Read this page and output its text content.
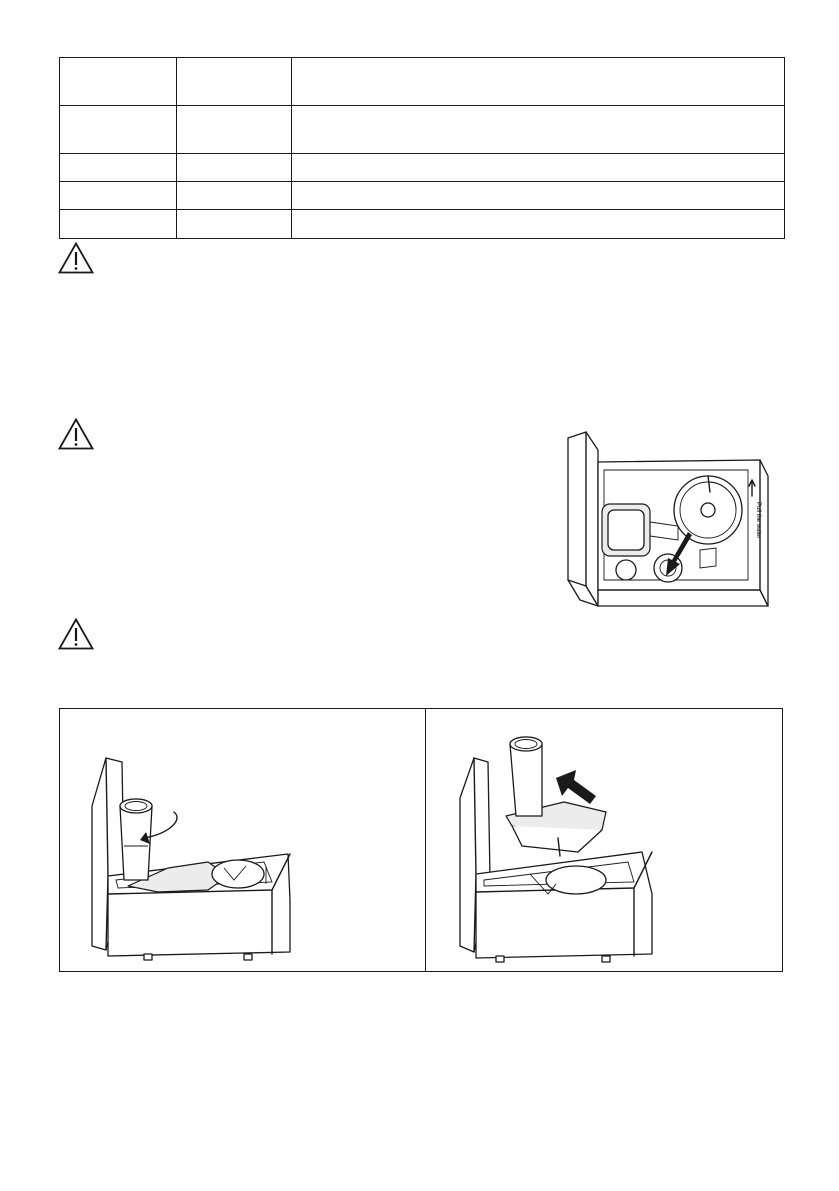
Pull the water
